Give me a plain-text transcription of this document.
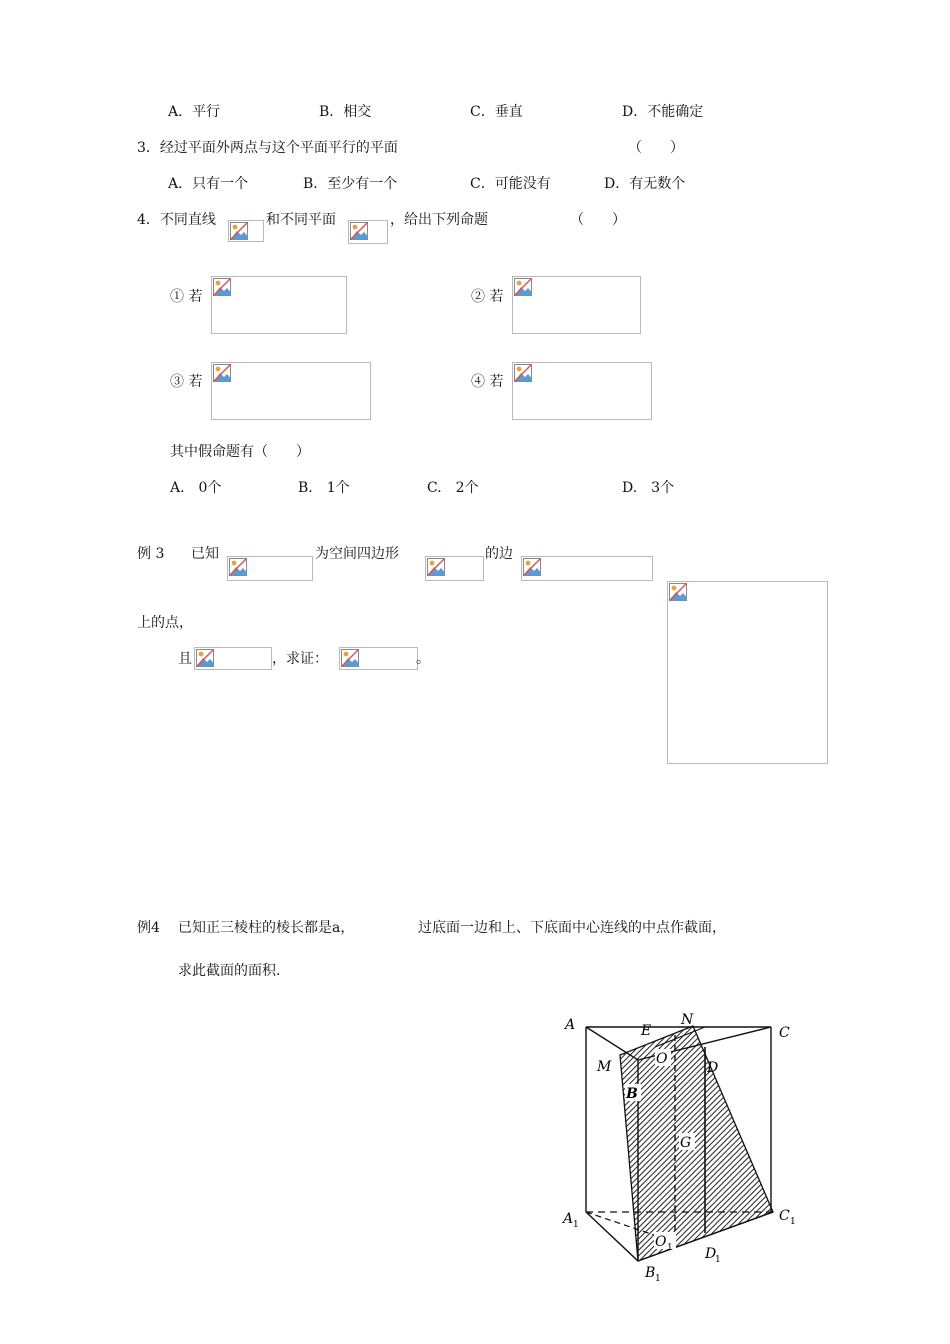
A．平行	B．相交	C．垂直	D．不能确定
3．经过平面外两点与这个平面平行的平面	（　　）
A．只有一个	B．至少有一个	C．可能没有	D．有无数个
4．不同直线	和不同平面	，给出下列命题	（　　）
① 若	② 若
③ 若	④ 若
其中假命题有（　　）
A.　0个	B.　1个	C.　2个	D.　3个
例 3 已知	为空间四边形	的边
上的点，
且	，求证：	。
例4 已知正三棱柱的棱长都是a，	过底面一边和上、下底面中心连线的中点作截面，
求此截面的面积.
A	E
N
C
M	O
D
B
G
A 1
C 1
O 1 D
1
B 1
